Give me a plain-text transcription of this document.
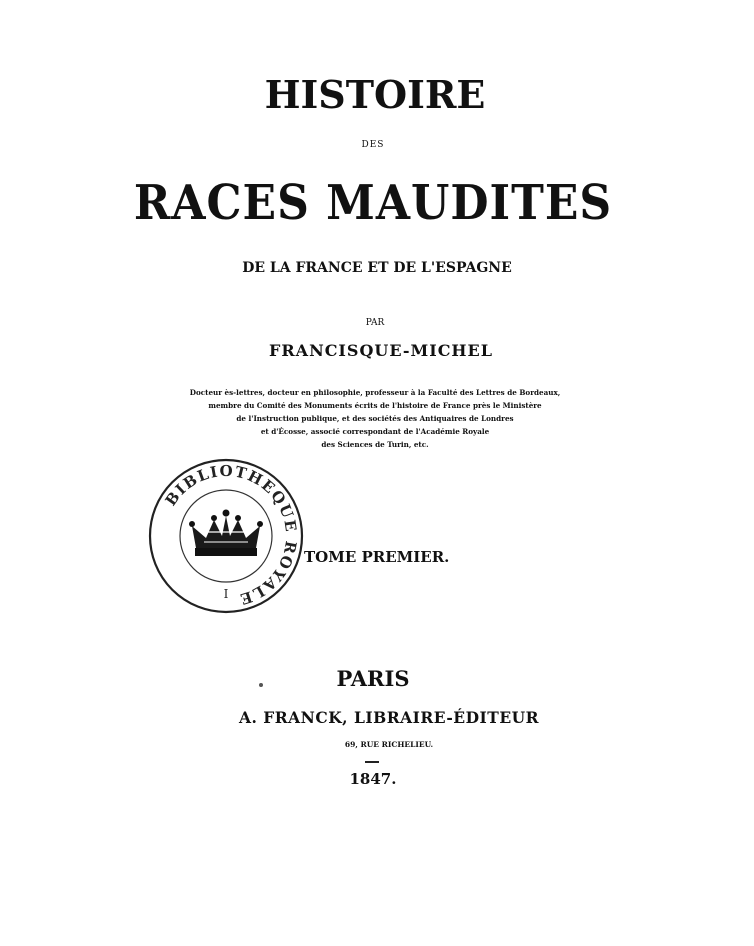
HISTOIRE
DES
RACES MAUDITES
DE LA FRANCE ET DE L'ESPAGNE
PAR
FRANCISQUE-MICHEL
Docteur ès-lettres, docteur en philosophie, professeur à la Faculté des Lettres de Bordeaux,
membre du Comité des Monuments écrits de l'histoire de France près le Ministère
de l'Instruction publique, et des sociétés des Antiquaires de Londres
et d'Écosse, associé correspondant de l'Académie Royale
des Sciences de Turin, etc.
BIBLIOTHEQUE ROYALE
I
TOME PREMIER.
PARIS
A. FRANCK, LIBRAIRE-ÉDITEUR
69, RUE RICHELIEU.
1847.
